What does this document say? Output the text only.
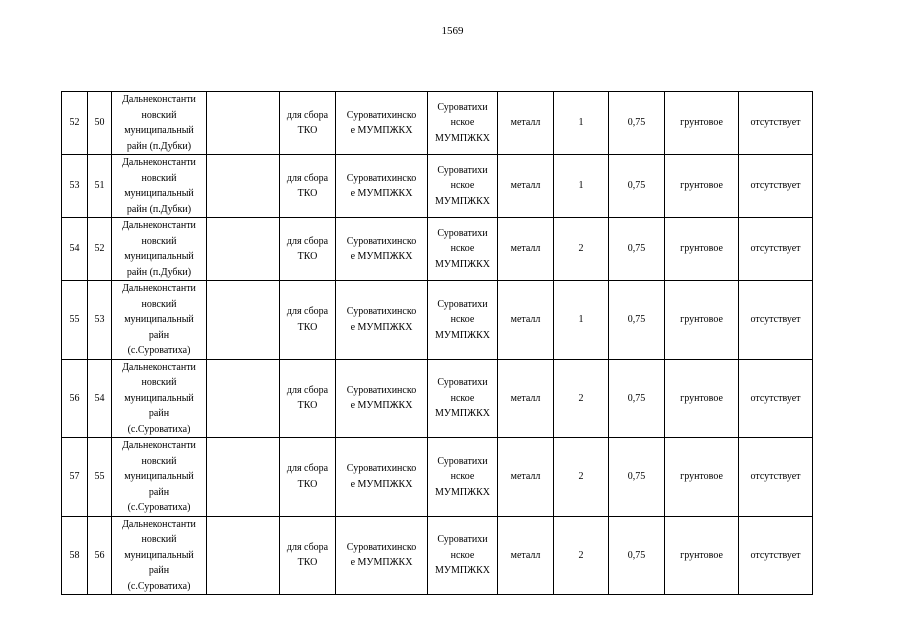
1569
52	50	Дальнеконстанти
новский
муниципальный
райн (п.Дубки)		для сбора
ТКО	Суроватихинско
е МУМПЖКХ	Суроватихи
нское
МУМПЖКХ	металл	1	0,75	грунтовое	отсутствует
53	51	Дальнеконстанти
новский
муниципальный
райн (п.Дубки)		для сбора
ТКО	Суроватихинско
е МУМПЖКХ	Суроватихи
нское
МУМПЖКХ	металл	1	0,75	грунтовое	отсутствует
54	52	Дальнеконстанти
новский
муниципальный
райн (п.Дубки)		для сбора
ТКО	Суроватихинско
е МУМПЖКХ	Суроватихи
нское
МУМПЖКХ	металл	2	0,75	грунтовое	отсутствует
55	53	Дальнеконстанти
новский
муниципальный
райн
(с.Суроватиха)		для сбора
ТКО	Суроватихинско
е МУМПЖКХ	Суроватихи
нское
МУМПЖКХ	металл	1	0,75	грунтовое	отсутствует
56	54	Дальнеконстанти
новский
муниципальный
райн
(с.Суроватиха)		для сбора
ТКО	Суроватихинско
е МУМПЖКХ	Суроватихи
нское
МУМПЖКХ	металл	2	0,75	грунтовое	отсутствует
57	55	Дальнеконстанти
новский
муниципальный
райн
(с.Суроватиха)		для сбора
ТКО	Суроватихинско
е МУМПЖКХ	Суроватихи
нское
МУМПЖКХ	металл	2	0,75	грунтовое	отсутствует
58	56	Дальнеконстанти
новский
муниципальный
райн
(с.Суроватиха)		для сбора
ТКО	Суроватихинско
е МУМПЖКХ	Суроватихи
нское
МУМПЖКХ	металл	2	0,75	грунтовое	отсутствует
